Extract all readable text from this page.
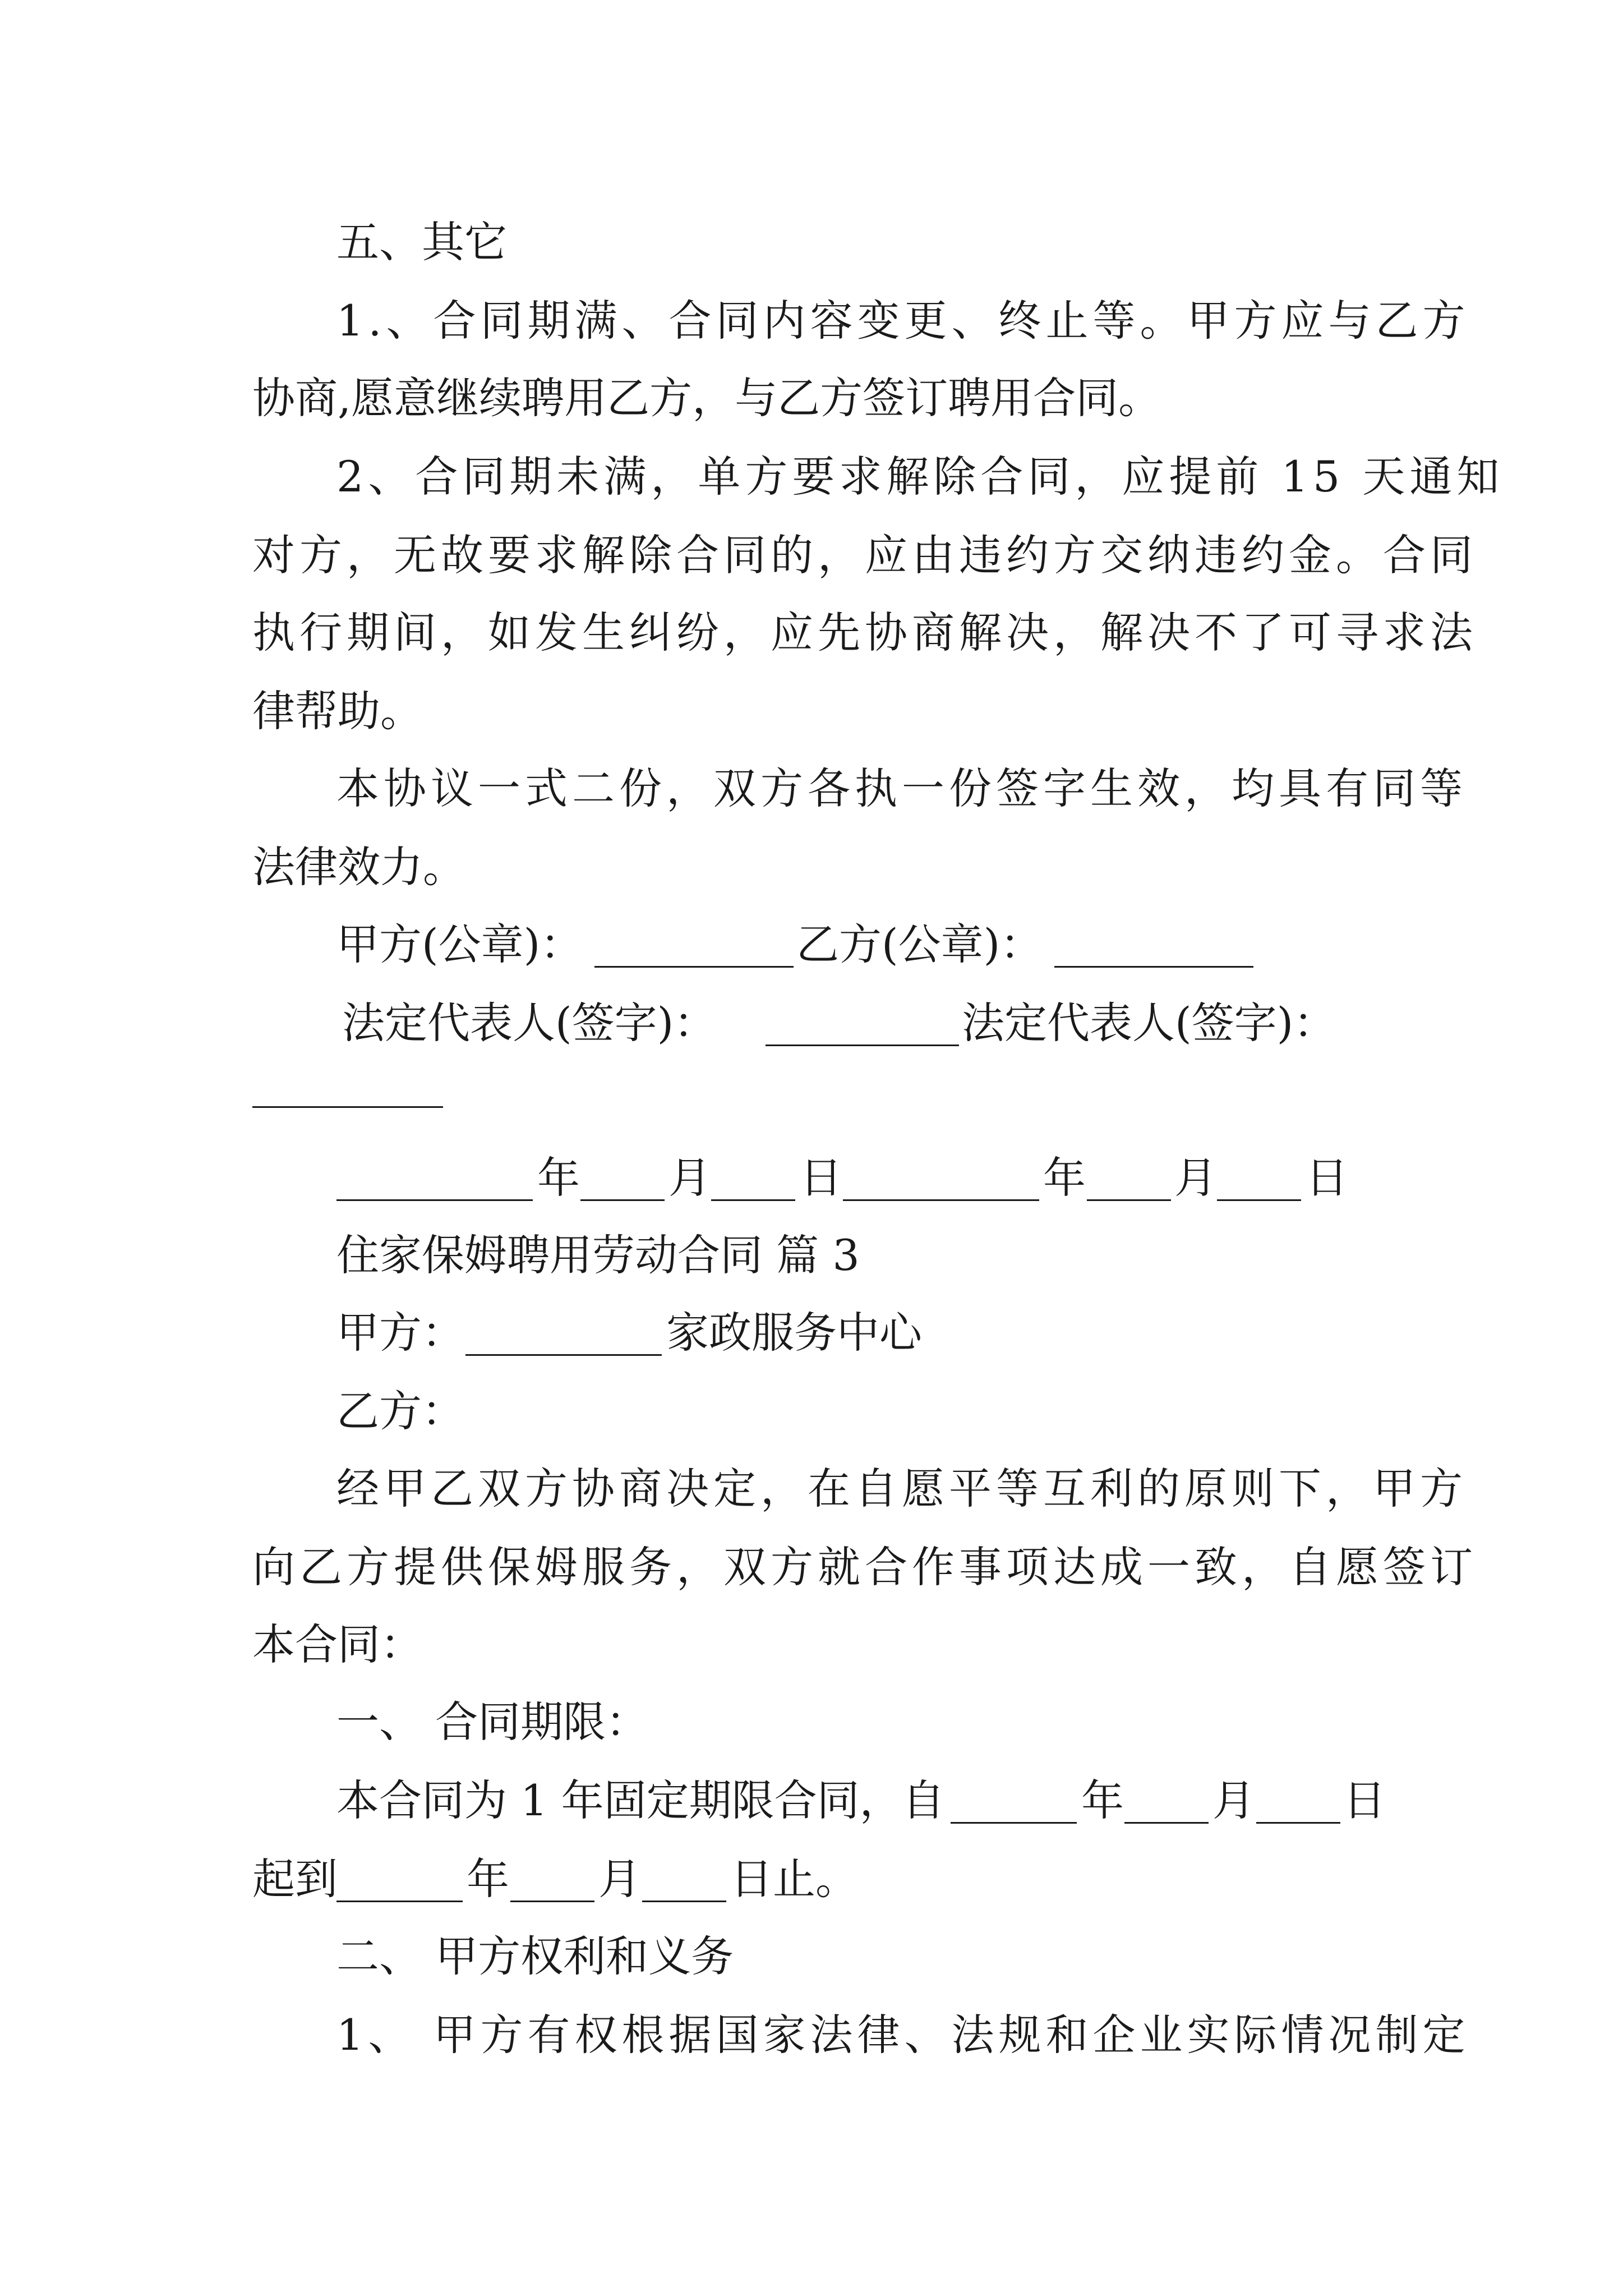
五、其它
1.、合同期满、合同内容变更、终止等。甲方应与乙方
协商,愿意继续聘用乙方，与乙方签订聘用合同。
2、合同期未满，单方要求解除合同，应提前 15 天通知
对方，无故要求解除合同的，应由违约方交纳违约金。合同
执行期间，如发生纠纷，应先协商解决，解决不了可寻求法
律帮助。
本协议一式二份，双方各执一份签字生效，均具有同等
法律效力。
甲方(公章)：	乙方(公章)：
法定代表人(签字)：	法定代表人(签字)：
年 月 日	年 月 日
住家保姆聘用劳动合同 篇 3
甲方：	家政服务中心
乙方：
经甲乙双方协商决定，在自愿平等互利的原则下，甲方
向乙方提供保姆服务，双方就合作事项达成一致，自愿签订
本合同：
一、 合同期限：
本合同为 1 年固定期限合同，自	年 月 日
起到	年 月 日止。
二、 甲方权利和义务
1、 甲方有权根据国家法律、法规和企业实际情况制定
